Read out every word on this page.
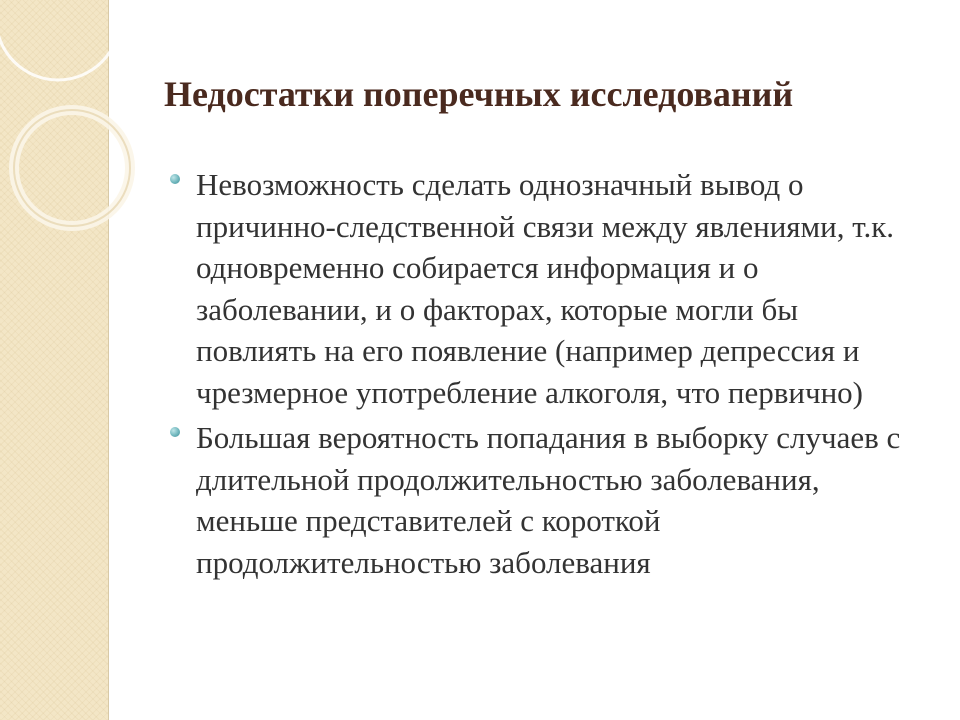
Недостатки поперечных исследований
Невозможность сделать однозначный вывод о причинно-следственной связи между явлениями, т.к. одновременно собирается информация и о заболевании, и о факторах, которые могли бы повлиять на его появление (например депрессия и чрезмерное употребление алкоголя, что первично)
Большая вероятность попадания в выборку случаев с длительной продолжительностью заболевания, меньше представителей с короткой продолжительностью заболевания
